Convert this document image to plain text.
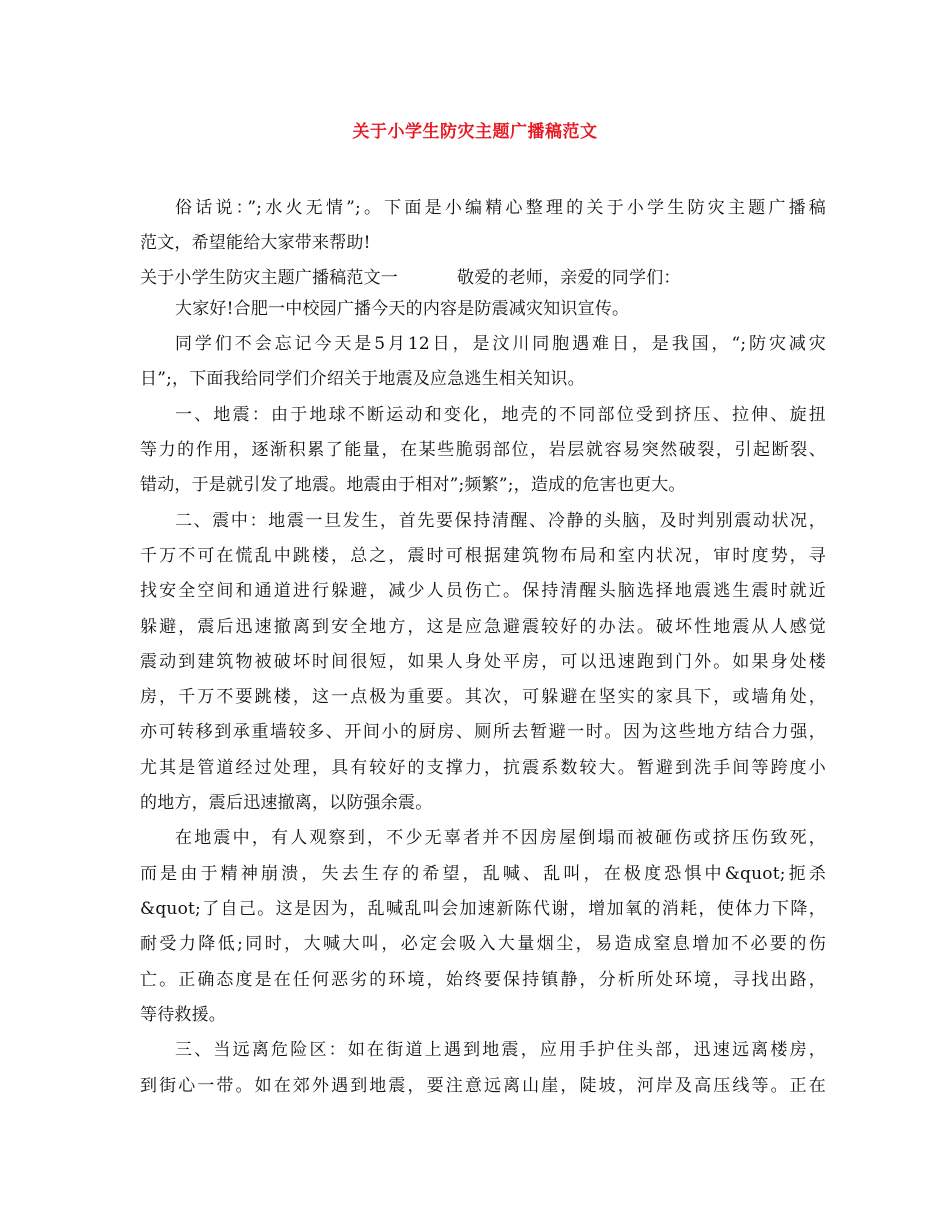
关于小学生防灾主题广播稿范文

俗话说：”;水火无情”;。下面是小编精心整理的关于小学生防灾主题广播稿

范文，希望能给大家带来帮助!

关于小学生防灾主题广播稿范文一	敬爱的老师，亲爱的同学们：

大家好!合肥一中校园广播今天的内容是防震减灾知识宣传。

同学们不会忘记今天是5月12日，是汶川同胞遇难日，是我国，“;防灾减灾

日”;，下面我给同学们介绍关于地震及应急逃生相关知识。

一、地震：由于地球不断运动和变化，地壳的不同部位受到挤压、拉伸、旋扭

等力的作用，逐渐积累了能量，在某些脆弱部位，岩层就容易突然破裂，引起断裂、

错动，于是就引发了地震。地震由于相对”;频繁”;，造成的危害也更大。

二、震中：地震一旦发生，首先要保持清醒、冷静的头脑，及时判别震动状况，

千万不可在慌乱中跳楼，总之，震时可根据建筑物布局和室内状况，审时度势，寻

找安全空间和通道进行躲避，减少人员伤亡。保持清醒头脑选择地震逃生震时就近

躲避，震后迅速撤离到安全地方，这是应急避震较好的办法。破坏性地震从人感觉

震动到建筑物被破坏时间很短，如果人身处平房，可以迅速跑到门外。如果身处楼

房，千万不要跳楼，这一点极为重要。其次，可躲避在坚实的家具下，或墙角处，

亦可转移到承重墙较多、开间小的厨房、厕所去暂避一时。因为这些地方结合力强，

尤其是管道经过处理，具有较好的支撑力，抗震系数较大。暂避到洗手间等跨度小

的地方，震后迅速撤离，以防强余震。

在地震中，有人观察到，不少无辜者并不因房屋倒塌而被砸伤或挤压伤致死，

而是由于精神崩溃，失去生存的希望，乱喊、乱叫，在极度恐惧中&quot;扼杀

&quot;了自己。这是因为，乱喊乱叫会加速新陈代谢，增加氧的消耗，使体力下降，

耐受力降低;同时，大喊大叫，必定会吸入大量烟尘，易造成窒息增加不必要的伤

亡。正确态度是在任何恶劣的环境，始终要保持镇静，分析所处环境，寻找出路，

等待救援。

三、当远离危险区：如在街道上遇到地震，应用手护住头部，迅速远离楼房，

到街心一带。如在郊外遇到地震，要注意远离山崖，陡坡，河岸及高压线等。正在
